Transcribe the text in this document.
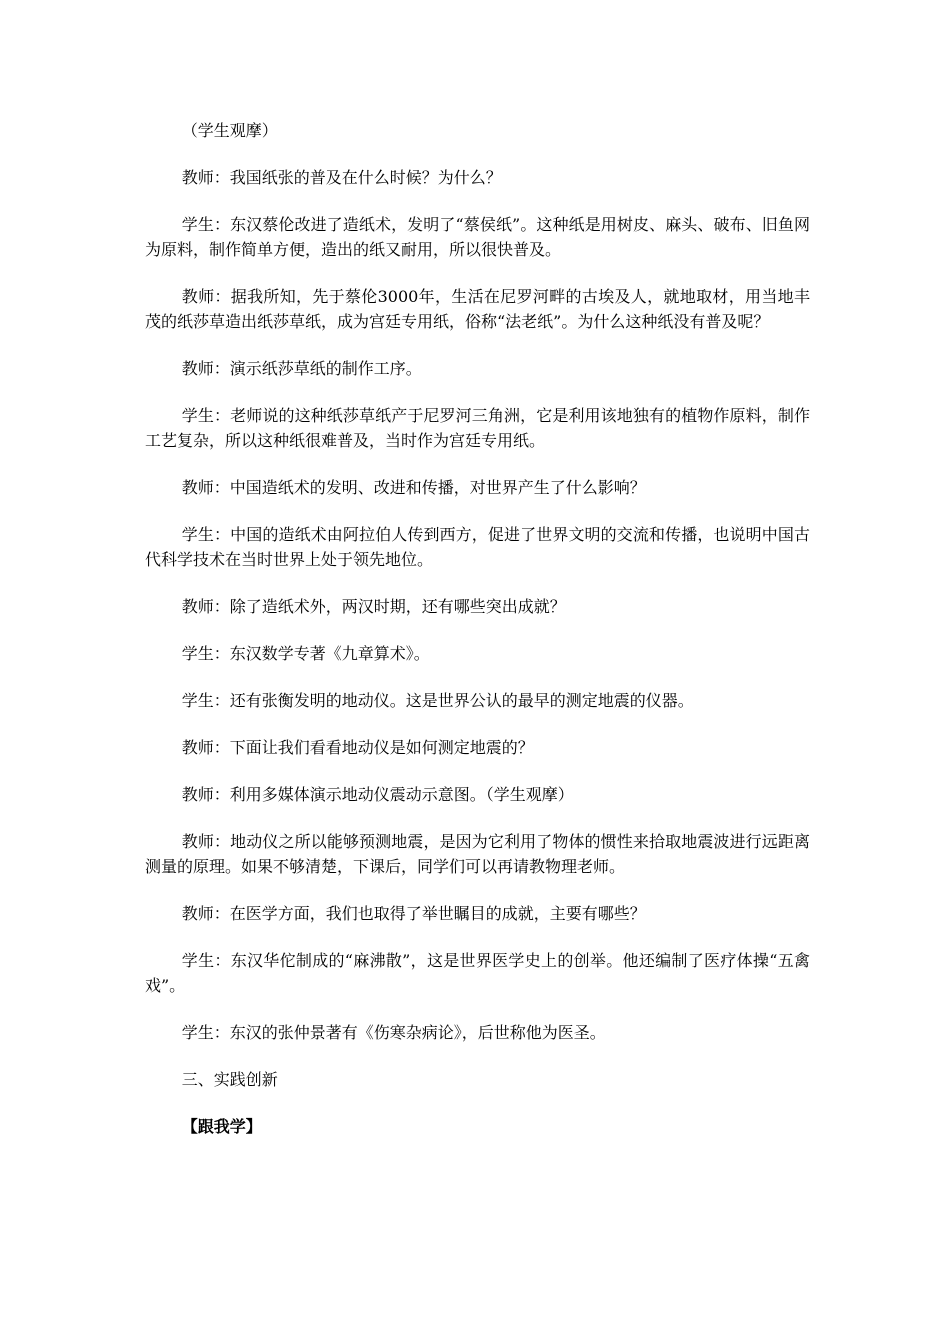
（学生观摩）

教师：我国纸张的普及在什么时候？为什么？

学生：东汉蔡伦改进了造纸术，发明了“蔡侯纸”。这种纸是用树皮、麻头、破布、旧鱼网为原料，制作简单方便，造出的纸又耐用，所以很快普及。

教师：据我所知，先于蔡伦3000年，生活在尼罗河畔的古埃及人，就地取材，用当地丰茂的纸莎草造出纸莎草纸，成为宫廷专用纸，俗称“法老纸”。为什么这种纸没有普及呢？

教师：演示纸莎草纸的制作工序。

学生：老师说的这种纸莎草纸产于尼罗河三角洲，它是利用该地独有的植物作原料，制作工艺复杂，所以这种纸很难普及，当时作为宫廷专用纸。

教师：中国造纸术的发明、改进和传播，对世界产生了什么影响？

学生：中国的造纸术由阿拉伯人传到西方，促进了世界文明的交流和传播，也说明中国古代科学技术在当时世界上处于领先地位。

教师：除了造纸术外，两汉时期，还有哪些突出成就？

学生：东汉数学专著《九章算术》。

学生：还有张衡发明的地动仪。这是世界公认的最早的测定地震的仪器。

教师：下面让我们看看地动仪是如何测定地震的？

教师：利用多媒体演示地动仪震动示意图。（学生观摩）

教师：地动仪之所以能够预测地震，是因为它利用了物体的惯性来拾取地震波进行远距离测量的原理。如果不够清楚，下课后，同学们可以再请教物理老师。

教师：在医学方面，我们也取得了举世瞩目的成就，主要有哪些？

学生：东汉华佗制成的“麻沸散”，这是世界医学史上的创举。他还编制了医疗体操“五禽戏”。

学生：东汉的张仲景著有《伤寒杂病论》，后世称他为医圣。

三、实践创新

【跟我学】
